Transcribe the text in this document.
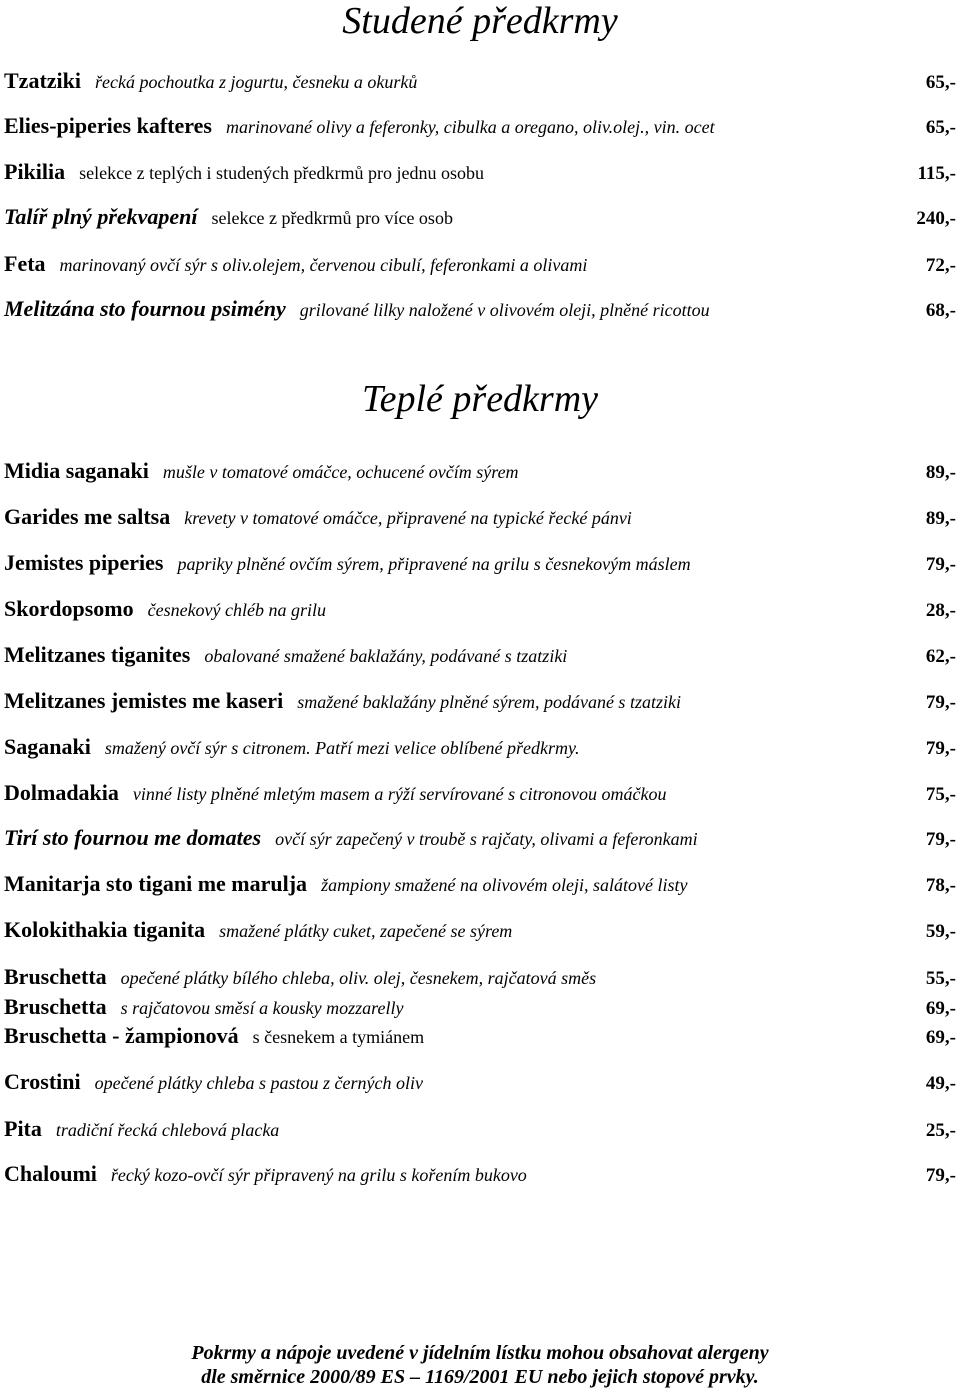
Studené předkrmy
Tzatziki řecká pochoutka z jogurtu, česneku a okurků	65,-
Elies-piperies kafteres marinované olivy a feferonky, cibulka a oregano, oliv.olej., vin. ocet	65,-
Pikilia selekce z teplých i studených předkrmů pro jednu osobu	115,-
Talíř plný překvapení selekce z předkrmů pro více osob	240,-
Feta marinovaný ovčí sýr s oliv.olejem, červenou cibulí, feferonkami a olivami	72,-
Melitzána sto fournou psimény grilované lilky naložené v olivovém oleji, plněné ricottou	68,-
Teplé předkrmy
Midia saganaki mušle v tomatové omáčce, ochucené ovčím sýrem	89,-
Garides me saltsa krevety v tomatové omáčce, připravené na typické řecké pánvi	89,-
Jemistes piperies papriky plněné ovčím sýrem, připravené na grilu s česnekovým máslem	79,-
Skordopsomo česnekový chléb na grilu	28,-
Melitzanes tiganites obalované smažené baklažány, podávané s tzatziki	62,-
Melitzanes jemistes me kaseri smažené baklažány plněné sýrem, podávané s tzatziki	79,-
Saganaki smažený ovčí sýr s citronem. Patří mezi velice oblíbené předkrmy.	79,-
Dolmadakia vinné listy plněné mletým masem a rýží servírované s citronovou omáčkou	75,-
Tirí sto fournou me domates ovčí sýr zapečený v troubě s rajčaty, olivami a feferonkami	79,-
Manitarja sto tigani me marulja žampiony smažené na olivovém oleji, salátové listy	78,-
Kolokithakia tiganita smažené plátky cuket, zapečené se sýrem	59,-
Bruschetta opečené plátky bílého chleba, oliv. olej, česnekem, rajčatová směs	55,-
Bruschetta s rajčatovou směsí a kousky mozzarelly	69,-
Bruschetta - žampionová s česnekem a tymiánem	69,-
Crostini opečené plátky chleba s pastou z černých oliv	49,-
Pita tradiční řecká chlebová placka	25,-
Chaloumi řecký kozo-ovčí sýr připravený na grilu s kořením bukovo	79,-
Pokrmy a nápoje uvedené v jídelním lístku mohou obsahovat alergeny
dle směrnice 2000/89 ES – 1169/2001 EU nebo jejich stopové prvky.
